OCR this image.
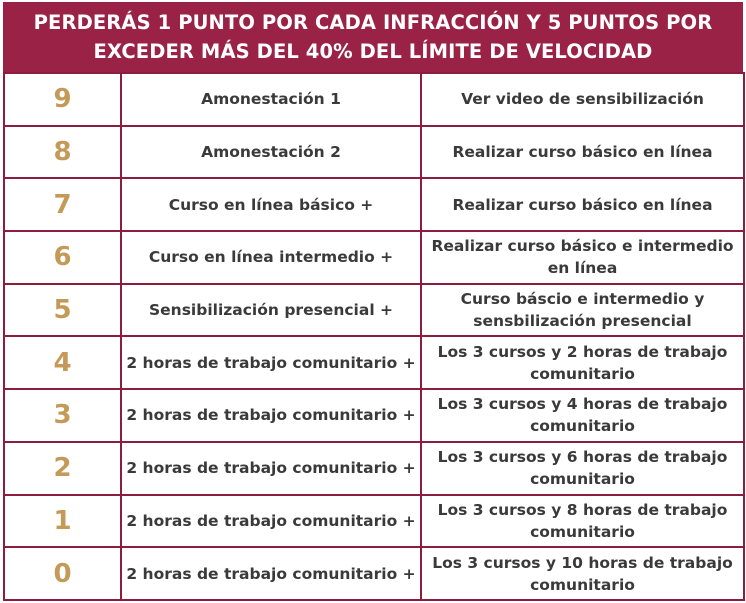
PERDERÁS 1 PUNTO POR CADA INFRACCIÓN Y 5 PUNTOS POR
EXCEDER MÁS DEL 40% DEL LÍMITE DE VELOCIDAD
9	Amonestación 1	Ver video de sensibilización
8	Amonestación 2	Realizar curso básico en línea
7	Curso en línea básico +	Realizar curso básico en línea
6	Curso en línea intermedio +	Realizar curso básico e intermedio en línea
5	Sensibilización presencial +	Curso báscio e intermedio y sensbilización presencial
4	2 horas de trabajo comunitario +	Los 3 cursos y 2 horas de trabajo comunitario
3	2 horas de trabajo comunitario +	Los 3 cursos y 4 horas de trabajo comunitario
2	2 horas de trabajo comunitario +	Los 3 cursos y 6 horas de trabajo comunitario
1	2 horas de trabajo comunitario +	Los 3 cursos y 8 horas de trabajo comunitario
0	2 horas de trabajo comunitario +	Los 3 cursos y 10 horas de trabajo comunitario
